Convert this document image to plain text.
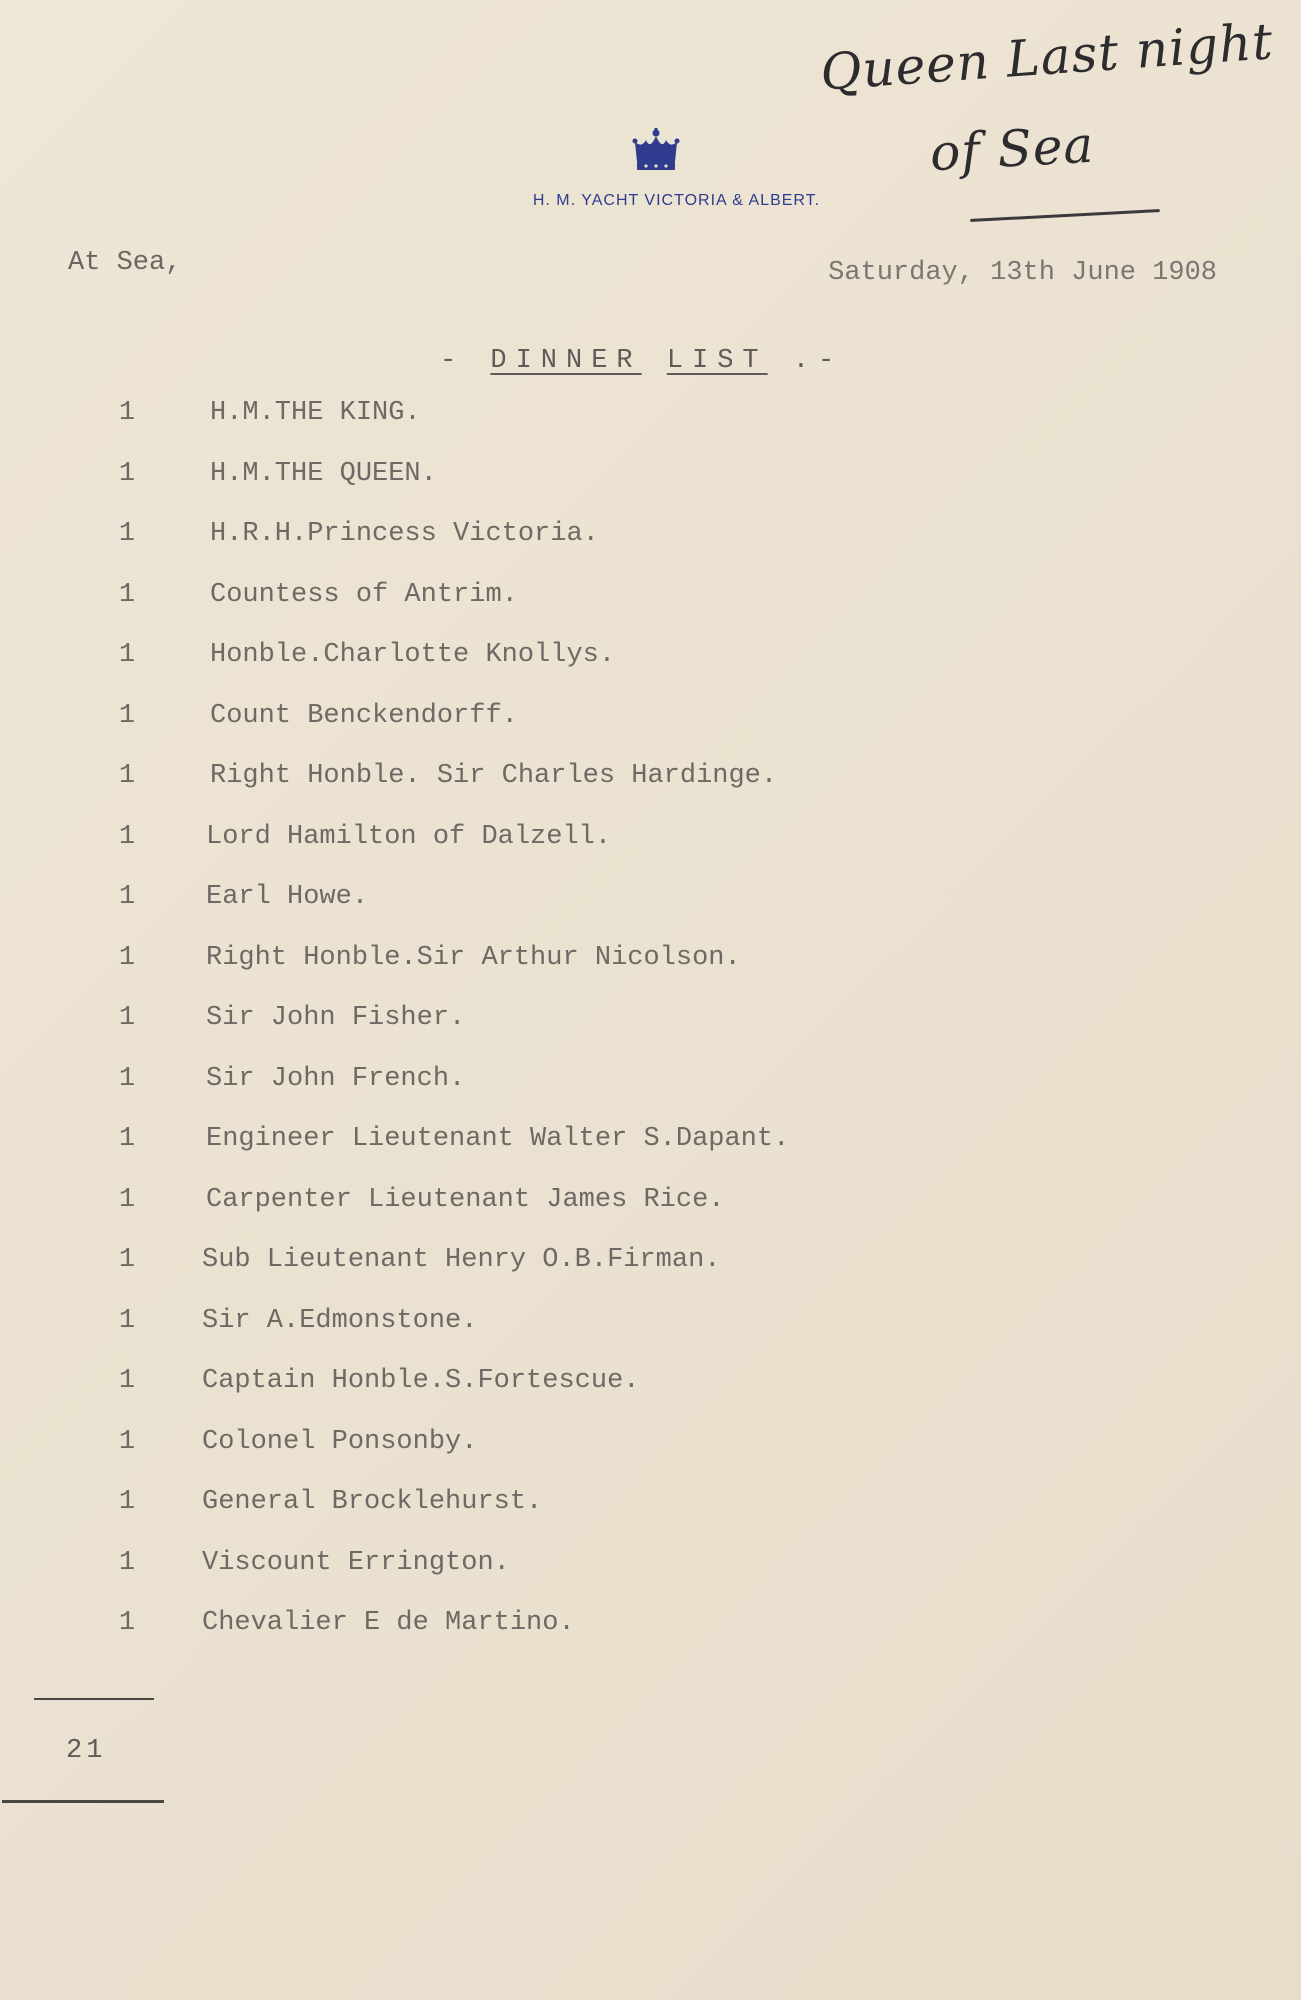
Queen Last night
of Sea
H. M. YACHT VICTORIA & ALBERT.
At Sea,	Saturday, 13th June 1908
- DINNER LIST .-
1	H.M.THE KING.
1	H.M.THE QUEEN.
1	H.R.H.Princess Victoria.
1	Countess of Antrim.
1	Honble.Charlotte Knollys.
1	Count Benckendorff.
1	Right Honble. Sir Charles Hardinge.
1	Lord Hamilton of Dalzell.
1	Earl Howe.
1	Right Honble.Sir Arthur Nicolson.
1	Sir John Fisher.
1	Sir John French.
1	Engineer Lieutenant Walter S.Dapant.
1	Carpenter Lieutenant James Rice.
1 Sub Lieutenant Henry O.B.Firman.
1 Sir A.Edmonstone.
1 Captain Honble.S.Fortescue.
1 Colonel Ponsonby.
1 General Brocklehurst.
1 Viscount Errington.
1 Chevalier E de Martino.
21
